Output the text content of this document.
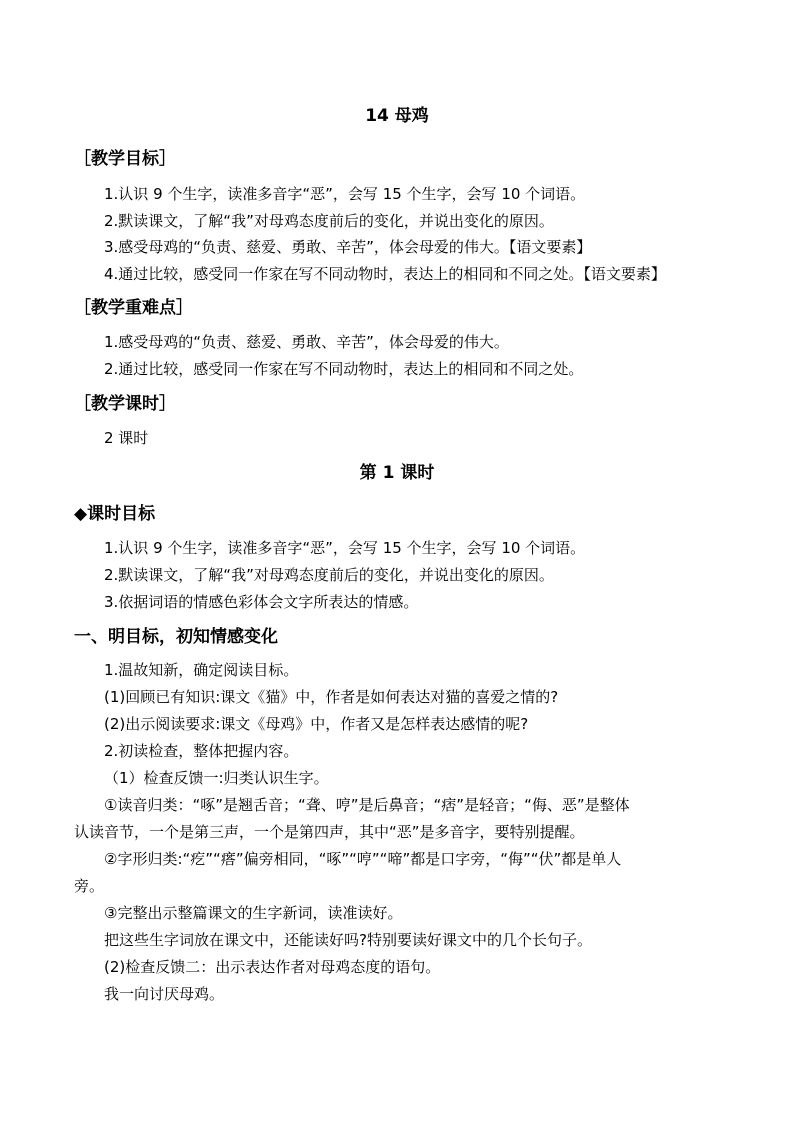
14 母鸡
［教学目标］
1.认识 9 个生字，读准多音字“恶”，会写 15 个生字，会写 10 个词语。
2.默读课文，了解“我”对母鸡态度前后的变化，并说出变化的原因。
3.感受母鸡的“负责、慈爱、勇敢、辛苦”，体会母爱的伟大。【语文要素】
4.通过比较，感受同一作家在写不同动物时，表达上的相同和不同之处。【语文要素】
［教学重难点］
1.感受母鸡的“负责、慈爱、勇敢、辛苦”，体会母爱的伟大。
2.通过比较，感受同一作家在写不同动物时，表达上的相同和不同之处。
［教学课时］
2 课时
第 1 课时
◆课时目标
1.认识 9 个生字，读准多音字“恶”，会写 15 个生字，会写 10 个词语。
2.默读课文，了解“我”对母鸡态度前后的变化，并说出变化的原因。
3.依据词语的情感色彩体会文字所表达的情感。
一、明目标，初知情感变化
1.温故知新，确定阅读目标。
(1)回顾已有知识:课文《猫》中，作者是如何表达对猫的喜爱之情的?
(2)出示阅读要求:课文《母鸡》中，作者又是怎样表达感情的呢?
2.初读检查，整体把握内容。
（1）检查反馈一:归类认识生字。
①读音归类：“啄”是翘舌音；“聋、哼”是后鼻音；“痞”是轻音；“侮、恶”是整体
认读音节，一个是第三声，一个是第四声，其中“恶”是多音字，要特别提醒。
②字形归类:“疙”“瘩”偏旁相同，“啄”“哼”“啼”都是口字旁，“侮”“伏”都是单人
旁。
③完整出示整篇课文的生字新词，读准读好。
把这些生字词放在课文中，还能读好吗?特别要读好课文中的几个长句子。
(2)检查反馈二：出示表达作者对母鸡态度的语句。
我一向讨厌母鸡。
